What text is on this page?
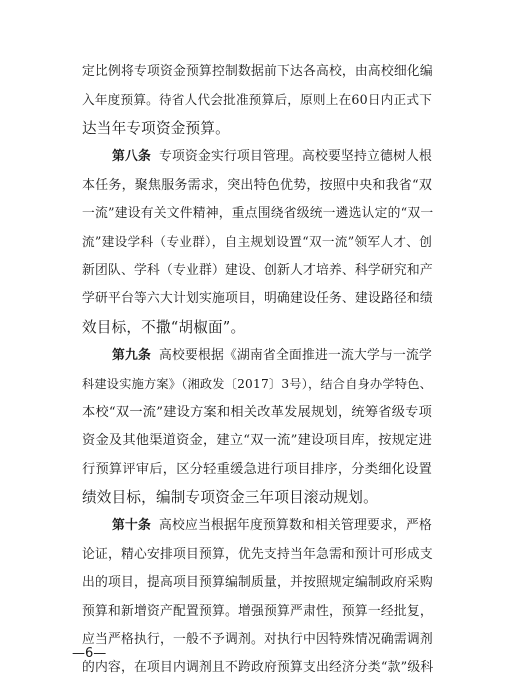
定比例将专项资金预算控制数据前下达各高校，由高校细化编
入年度预算。待省人代会批准预算后，原则上在60日内正式下
达当年专项资金预算。
第八条 专项资金实行项目管理。高校要坚持立德树人根
本任务，聚焦服务需求，突出特色优势，按照中央和我省“双
一流”建设有关文件精神，重点围绕省级统一遴选认定的“双一
流”建设学科（专业群），自主规划设置“双一流”领军人才、创
新团队、学科（专业群）建设、创新人才培养、科学研究和产
学研平台等六大计划实施项目，明确建设任务、建设路径和绩
效目标，不撒“胡椒面”。
第九条 高校要根据《湖南省全面推进一流大学与一流学
科建设实施方案》（湘政发〔2017〕3号），结合自身办学特色、
本校“双一流”建设方案和相关改革发展规划，统筹省级专项
资金及其他渠道资金，建立“双一流”建设项目库，按规定进
行预算评审后，区分轻重缓急进行项目排序，分类细化设置
绩效目标，编制专项资金三年项目滚动规划。
第十条 高校应当根据年度预算数和相关管理要求，严格
论证，精心安排项目预算，优先支持当年急需和预计可形成支
出的项目，提高项目预算编制质量，并按照规定编制政府采购
预算和新增资产配置预算。增强预算严肃性，预算一经批复，
应当严格执行，一般不予调剂。对执行中因特殊情况确需调剂
的内容，在项目内调剂且不跨政府预算支出经济分类“款”级科
—6—
